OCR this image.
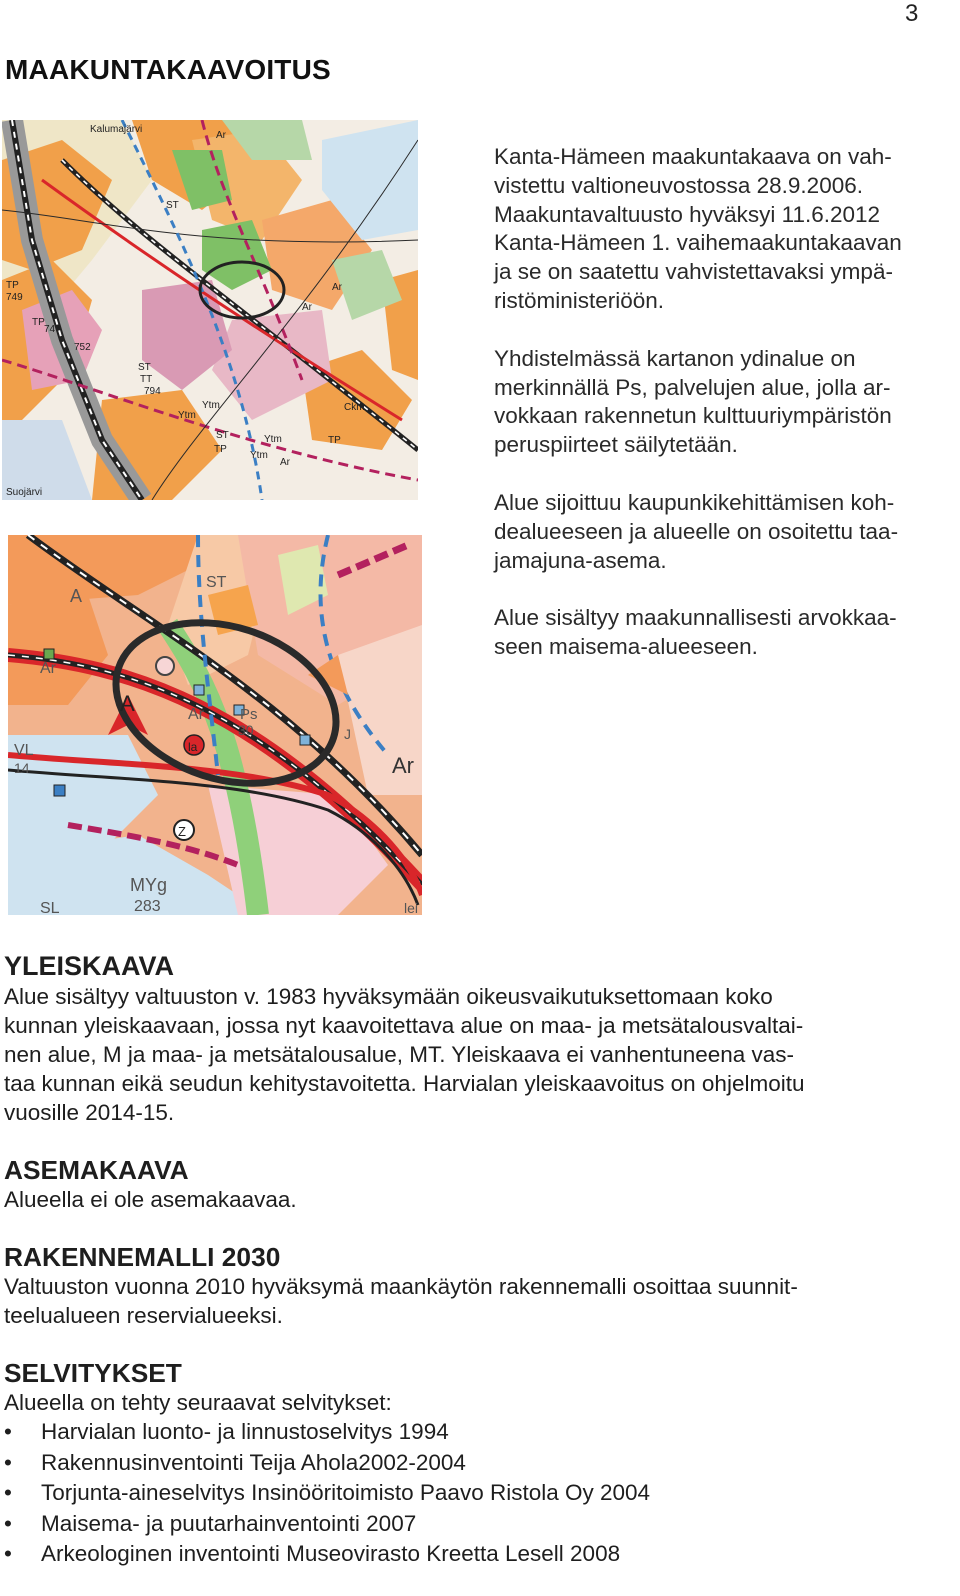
3
MAAKUNTAKAAVOITUS
TP
749
TP
747
752
ST
TT
794
Ytm
Ytm
ST
TP
Ytm
Ytm
Ar
Ar
Ar
Ar
ST
Ckm
TP
Kalumajärvi
Suojärvi
A
Ar
A	Ar Ps
30
la
Ar
VL
14
Z
MYg
283
SL
ST
J
lei

Kanta-Hämeen maakuntakaava on vah-
vistettu valtioneuvostossa 28.9.2006.
Maakuntavaltuusto hyväksyi 11.6.2012
Kanta-Hämeen 1. vaihemaakuntakaavan
ja se on saatettu vahvistettavaksi ympä-
ristöministeriöön.

Yhdistelmässä kartanon ydinalue on
merkinnällä Ps, palvelujen alue, jolla ar-
vokkaan rakennetun kulttuuriympäristön
peruspiirteet säilytetään.

Alue sijoittuu kaupunkikehittämisen koh-
dealueeseen ja alueelle on osoitettu taa-
jamajuna-asema.

Alue sisältyy maakunnallisesti arvokkaa-
seen maisema-alueeseen.

YLEISKAAVA

Alue sisältyy valtuuston v. 1983 hyväksymään oikeusvaikutuksettomaan koko
kunnan yleiskaavaan, jossa nyt kaavoitettava alue on maa- ja metsätalousvaltai-
nen alue, M ja maa- ja metsätalousalue, MT. Yleiskaava ei vanhentuneena vas-
taa kunnan eikä seudun kehitystavoitetta. Harvialan yleiskaavoitus on ohjelmoitu
vuosille 2014-15.

ASEMAKAAVA

Alueella ei ole asemakaavaa.

RAKENNEMALLI 2030

Valtuuston vuonna 2010 hyväksymä maankäytön rakennemalli osoittaa suunnit-
teelualueen reservialueeksi.

SELVITYKSET

Alueella on tehty seuraavat selvitykset:

• Harvialan luonto- ja linnustoselvitys 1994
• Rakennusinventointi Teija Ahola2002-2004
• Torjunta-aineselvitys Insinööritoimisto Paavo Ristola Oy 2004
• Maisema- ja puutarhainventointi 2007
• Arkeologinen inventointi Museovirasto Kreetta Lesell 2008
